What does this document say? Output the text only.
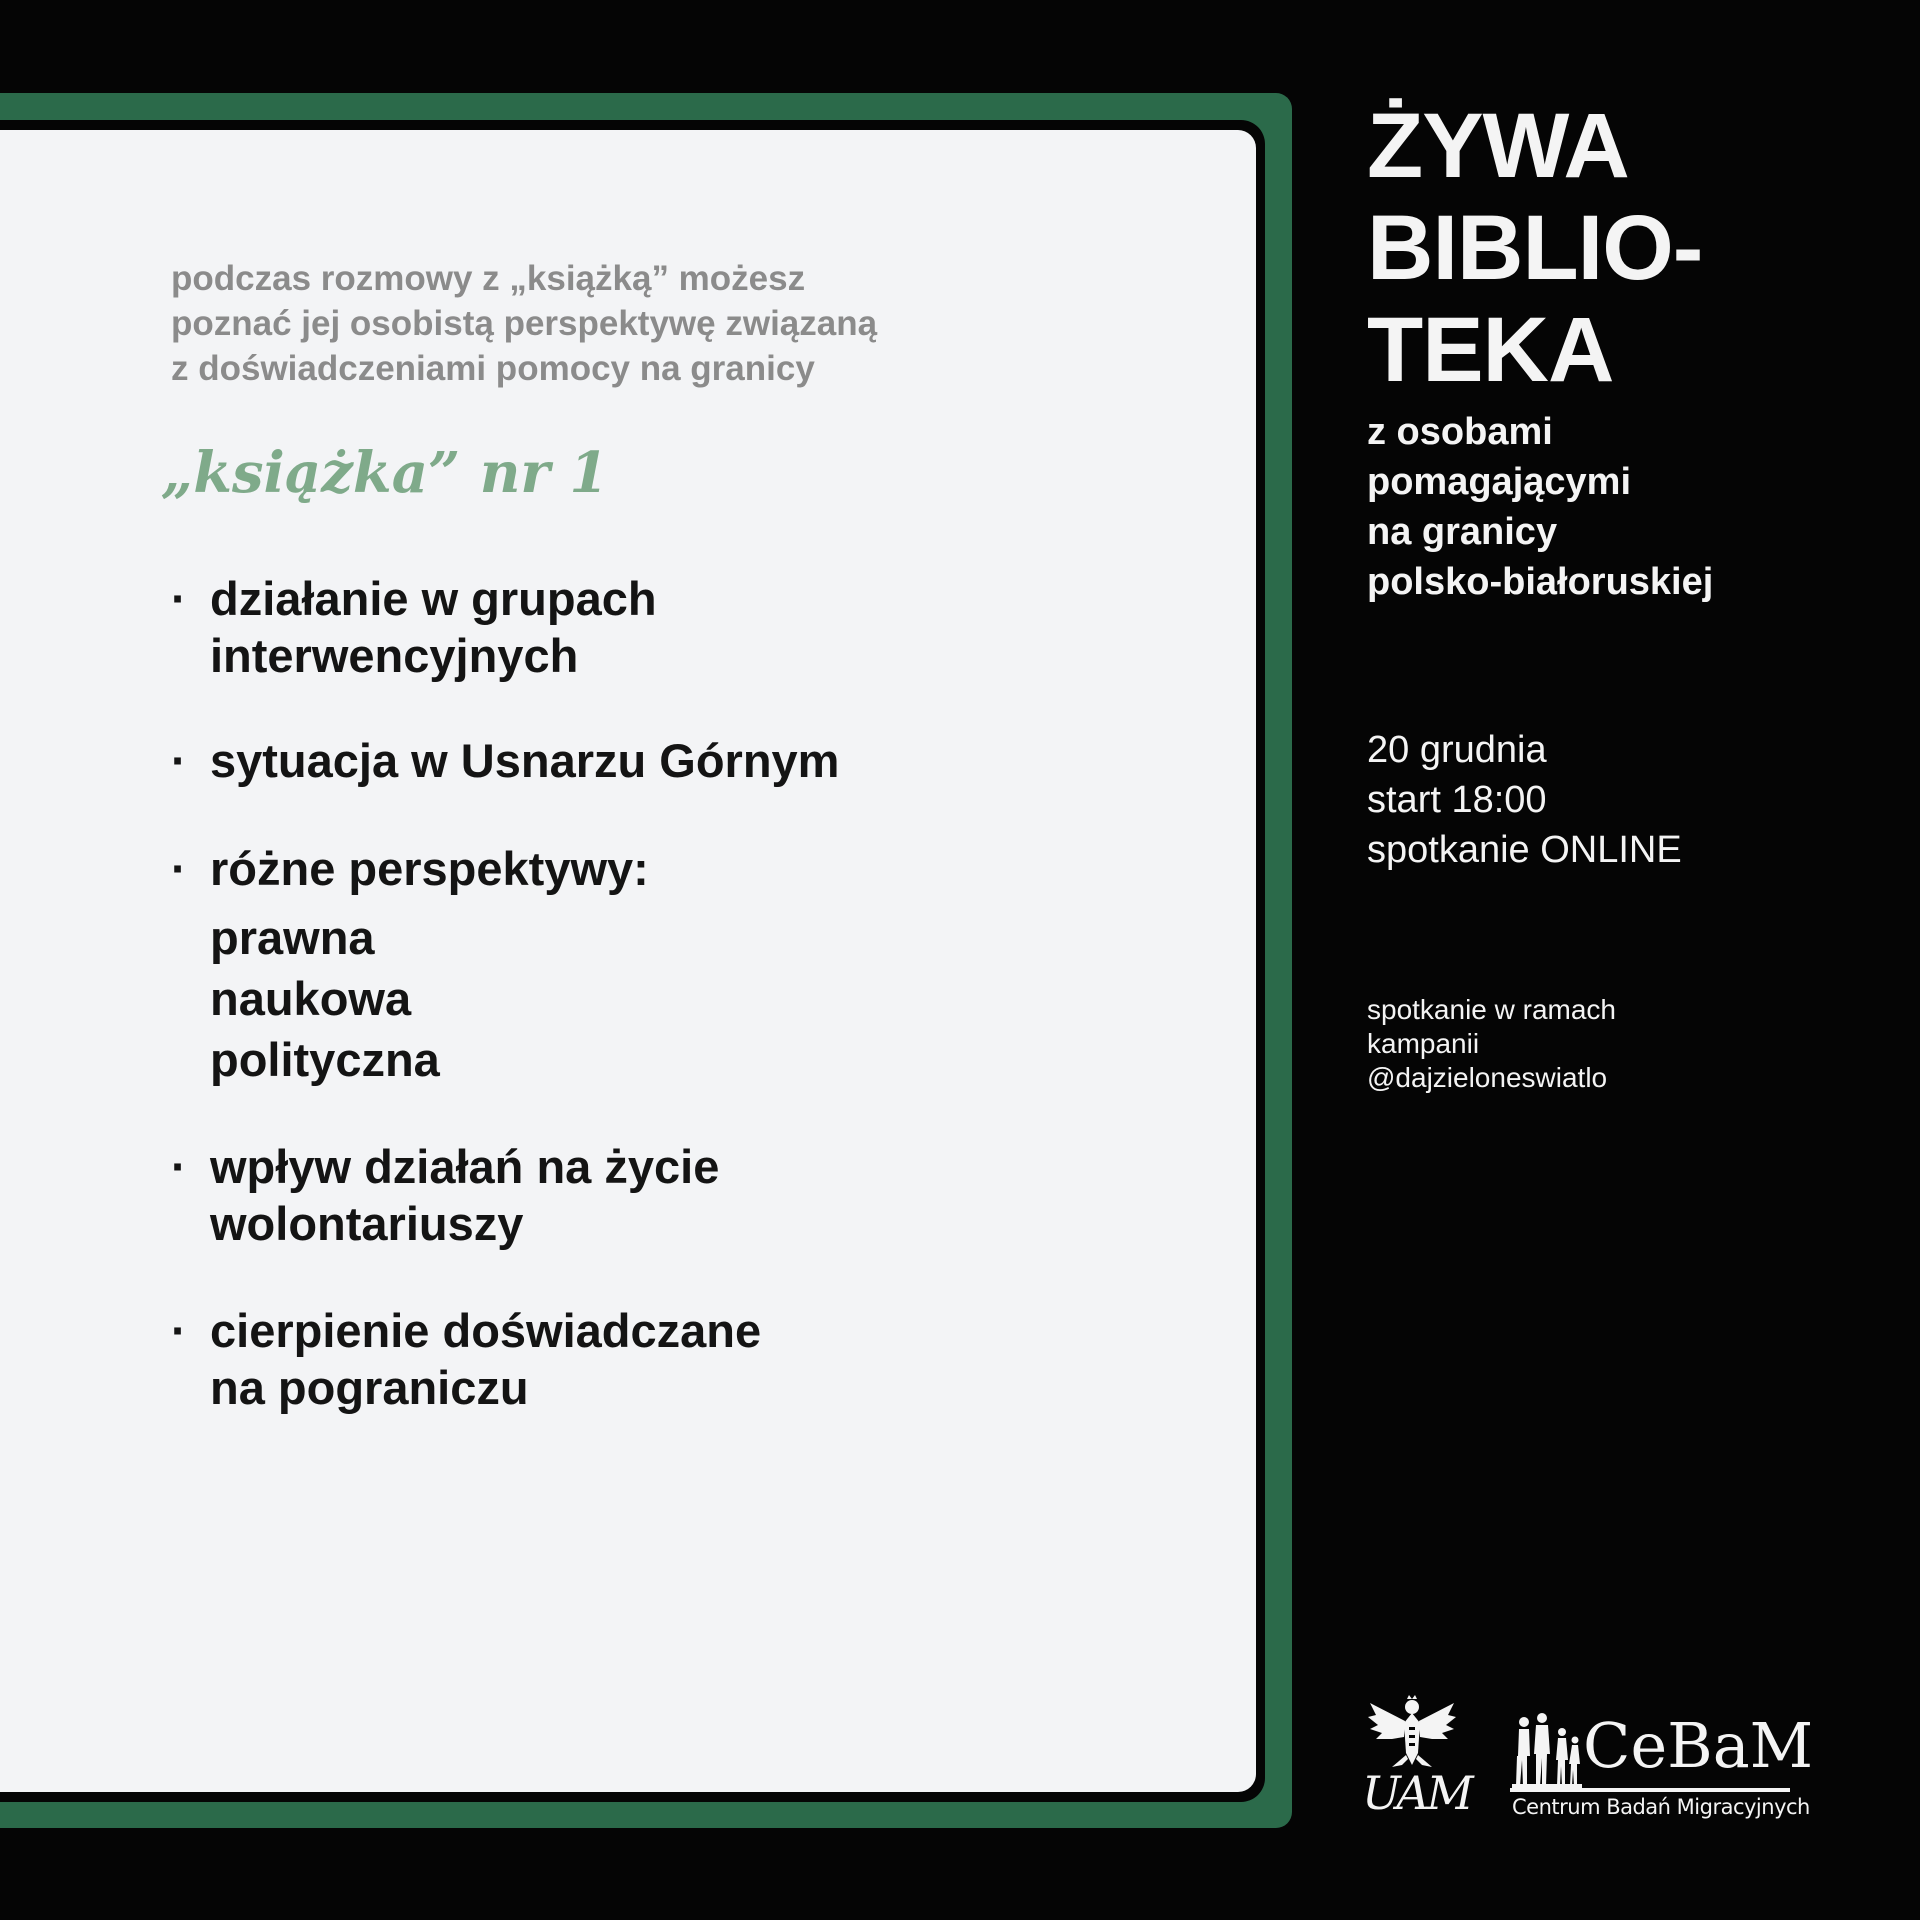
podczas rozmowy z „książką” możesz
poznać jej osobistą perspektywę związaną
z doświadczeniami pomocy na granicy
„książka” nr 1
· działanie w grupach
interwencyjnych
· sytuacja w Usnarzu Górnym
· różne perspektywy:
prawna
naukowa
polityczna
· wpływ działań na życie
wolontariuszy
· cierpienie doświadczane
na pograniczu
ŻYWA
BIBLIO-
TEKA
z osobami
pomagającymi
na granicy
polsko-białoruskiej
20 grudnia
start 18:00
spotkanie ONLINE
spotkanie w ramach
kampanii
@dajzieloneswiatlo
UAM
CeBaM
Centrum Badań Migracyjnych
